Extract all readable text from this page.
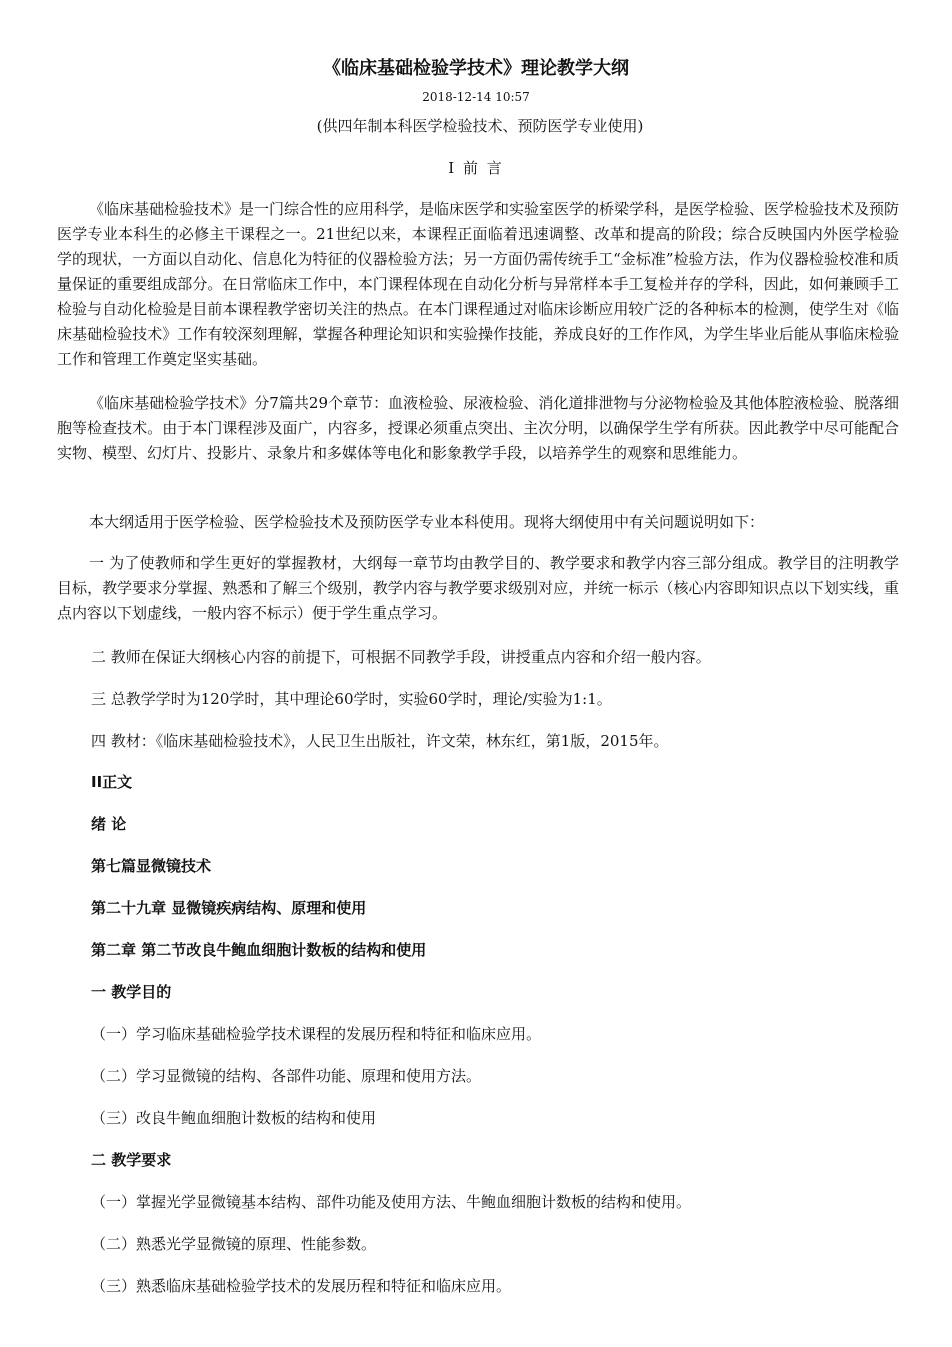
《临床基础检验学技术》理论教学大纲
2018-12-14 10:57
(供四年制本科医学检验技术、预防医学专业使用)
I 前 言

《临床基础检验技术》是一门综合性的应用科学，是临床医学和实验室医学的桥梁学科，是医学检验、医学检验技术及预防医学专业本科生的必修主干课程之一。21世纪以来，本课程正面临着迅速调整、改革和提高的阶段；综合反映国内外医学检验学的现状，一方面以自动化、信息化为特征的仪器检验方法；另一方面仍需传统手工“金标准”检验方法，作为仪器检验校准和质量保证的重要组成部分。在日常临床工作中，本门课程体现在自动化分析与异常样本手工复检并存的学科，因此，如何兼顾手工检验与自动化检验是目前本课程教学密切关注的热点。在本门课程通过对临床诊断应用较广泛的各种标本的检测，使学生对《临床基础检验技术》工作有较深刻理解，掌握各种理论知识和实验操作技能，养成良好的工作作风，为学生毕业后能从事临床检验工作和管理工作奠定坚实基础。

《临床基础检验学技术》分7篇共29个章节：血液检验、尿液检验、消化道排泄物与分泌物检验及其他体腔液检验、脱落细胞等检查技术。由于本门课程涉及面广，内容多，授课必须重点突出、主次分明，以确保学生学有所获。因此教学中尽可能配合实物、模型、幻灯片、投影片、录象片和多媒体等电化和影象教学手段，以培养学生的观察和思维能力。

本大纲适用于医学检验、医学检验技术及预防医学专业本科使用。现将大纲使用中有关问题说明如下：

一 为了使教师和学生更好的掌握教材，大纲每一章节均由教学目的、教学要求和教学内容三部分组成。教学目的注明教学目标，教学要求分掌握、熟悉和了解三个级别，教学内容与教学要求级别对应，并统一标示（核心内容即知识点以下划实线，重点内容以下划虚线，一般内容不标示）便于学生重点学习。

二 教师在保证大纲核心内容的前提下，可根据不同教学手段，讲授重点内容和介绍一般内容。

三 总教学学时为120学时，其中理论60学时，实验60学时，理论/实验为1:1。

四 教材：《临床基础检验技术》，人民卫生出版社，许文荣，林东红，第1版，2015年。

II正文

绪 论

第七篇显微镜技术

第二十九章 显微镜疾病结构、原理和使用

第二章 第二节改良牛鲍血细胞计数板的结构和使用

一 教学目的

（一）学习临床基础检验学技术课程的发展历程和特征和临床应用。

（二）学习显微镜的结构、各部件功能、原理和使用方法。

（三）改良牛鲍血细胞计数板的结构和使用

二 教学要求

（一）掌握光学显微镜基本结构、部件功能及使用方法、牛鲍血细胞计数板的结构和使用。

（二）熟悉光学显微镜的原理、性能参数。

（三）熟悉临床基础检验学技术的发展历程和特征和临床应用。
